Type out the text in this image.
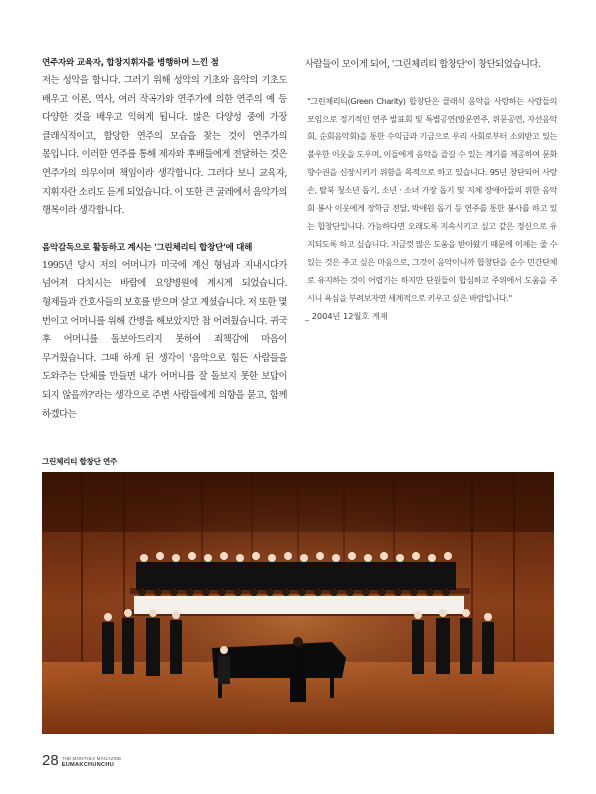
연주자와 교육자, 합창지휘자를 병행하며 느낀 점

저는 성악을 합니다. 그러기 위해 성악의 기초와 음악의 기초도 배우고 이론, 역사, 여러 작곡가와 연주가에 의한 연주의 예 등 다양한 것을 배우고 익혀게 됩니다. 많은 다양성 중에 가장 클래식적이고, 합당한 연주의 모습을 찾는 것이 연주가의 몫입니다. 이러한 연주를 통해 제자와 후배들에게 전달하는 것은 연주가의 의무이며 책임이라 생각합니다. 그러다 보니 교육자, 지휘자란 소리도 듣게 되었습니다. 이 또한 큰 굴레에서 음악가의 행복이라 생각합니다.

음악감독으로 활동하고 계시는 '그린체리티 합창단'에 대해

1995년 당시 저의 어머니가 미국에 계신 형님과 지내시다가 넘어져 다치시는 바람에 요양병원에 계시게 되었습니다. 형제들과 간호사들의 보호를 받으며 살고 계셨습니다. 저 또한 몇 번이고 어머니를 위해 간병을 해보았지만 참 어려웠습니다. 귀국 후 어머니를 돌보아드리지 못하여 죄책감에 마음이 무거웠습니다. 그때 하게 된 생각이 '음악으로 힘든 사람들을 도와주는 단체를 만들면 내가 어머니를 잘 돌보지 못한 보답이 되지 않을까?'라는 생각으로 주변 사람들에게 의향을 묻고, 함께 하겠다는

사람들이 모이게 되어, '그린체리티 합창단'이 창단되었습니다.

"그린체리티(Green Charity) 합창단은 클래식 음악을 사랑하는 사람들의 모임으로 정기적인 연주 발표회 및 특별공연(방문연주, 위문공연, 자선음악회, 순회음악회)을 통한 수익금과 기금으로 우리 사회로부터 소외받고 있는 불우한 이웃을 도우며, 이들에게 음악을 즐길 수 있는 계기를 제공하여 문화 향수권을 신장시키기 위함을 목적으로 하고 있습니다. 95년 창단되어 사랑손, 탈북 청소년 돕기, 소년 · 소녀 가장 돕기 및 지체 장애아들의 위한 음악회 봉사 이웃에게 장학금 전달, 박애원 돕기 등 연주를 통한 봉사를 하고 있는 합창단입니다. 가능하다면 오래도록 지속시키고 싶고 같은 정신으로 유지되도록 하고 싶습니다. 지금껏 많은 도움을 받아왔기 때문에 이제는 줄 수 있는 것은 주고 싶은 마음으로, 그것이 음악이니까 합창단을 순수 민간단체로 유지하는 것이 어렵기는 하지만 단원들이 합심하고 주위에서 도움을 주시니 욕심을 부려보자면 세계적으로 키우고 싶은 바람입니다."

_ 2004년 12월호 게재

그린체리티 합창단 연주
28 THE MONTHLY MAGAZINE
EUMAKCHUNCHU
